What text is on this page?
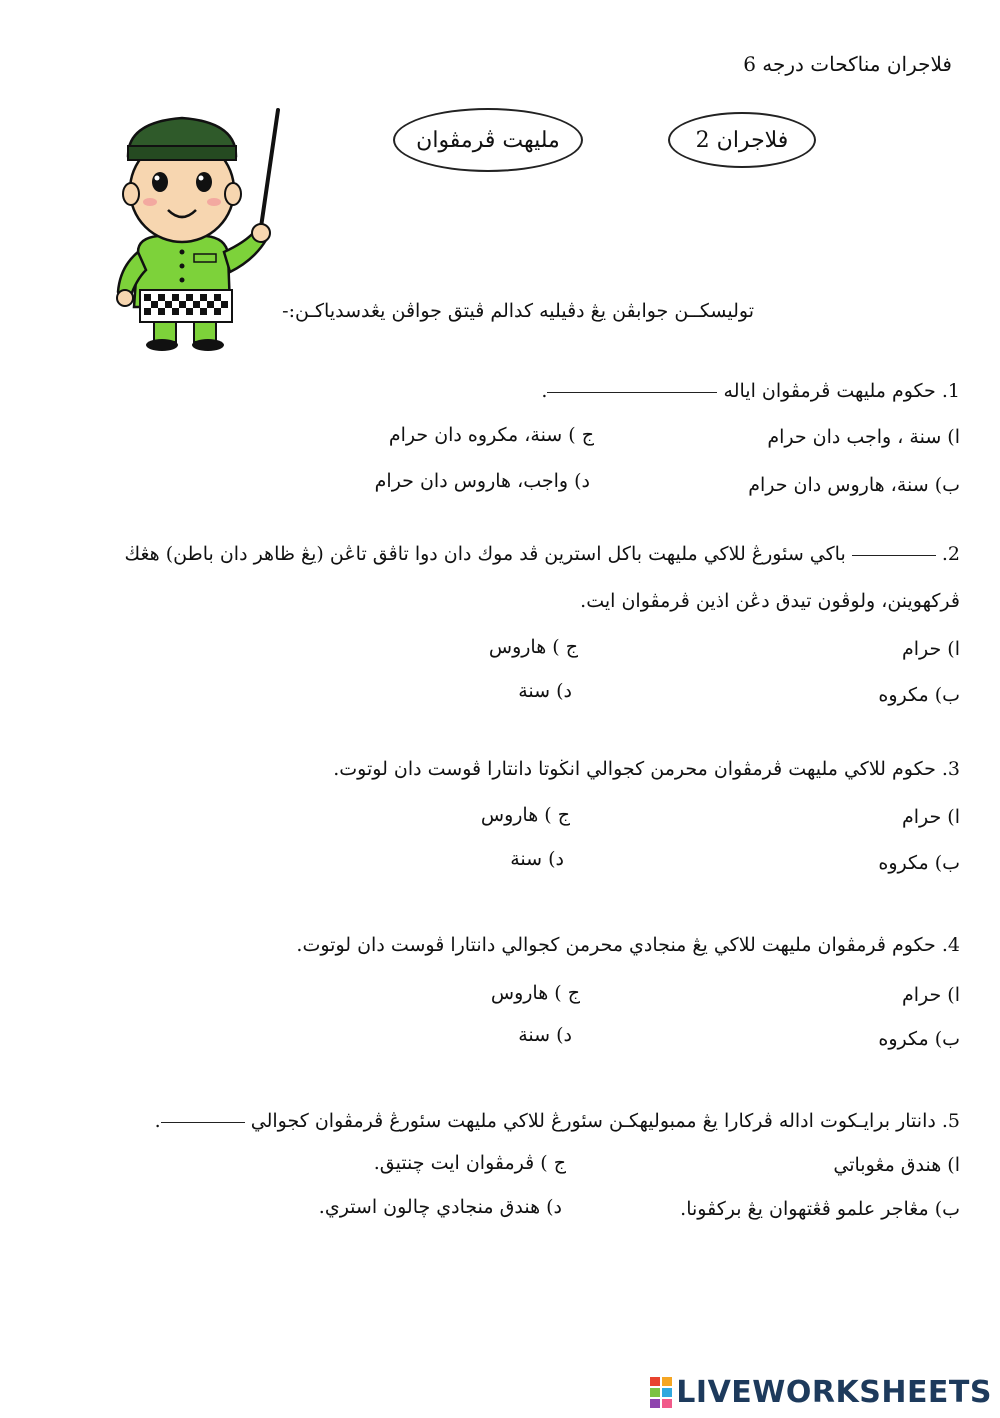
فلاجران مناكحات درجه 6
فلاجران 2
مليهت ڤرمڤوان
توليسكــن جوابڤن يڠ دڤيليه كدالم ڤيتق جواڤن يڠدسدياكـن:-
1. حكوم مليهت ڤرمڤوان اياله .
ا) سنة ، واجب دان حرام
ج ) سنة، مكروه دان حرام
ب) سنة، هاروس دان حرام
د) واجب، هاروس دان حرام
2.  باكي سئورڠ للاكي مليهت باكل استرين ڤد موك دان دوا تاڤق تاڠن (يڠ ظاهر دان باطن) هڠڬ
ڤركهوينن، ولوڤون تيدق دڠن اذين ڤرمڤوان ايت.
ا) حرام
ج ) هاروس
ب) مكروه
د) سنة
3. حكوم للاكي مليهت ڤرمڤوان محرمن كجوالي انڬوتا دانتارا ڤوست دان لوتوت.
ا) حرام
ج ) هاروس
ب) مكروه
د) سنة
4. حكوم ڤرمڤوان مليهت للاكي يڠ منجادي محرمن كجوالي دانتارا ڤوست دان لوتوت.
ا) حرام
ج ) هاروس
ب) مكروه
د) سنة
5. دانتار برايـكوت اداله ڤركارا يڠ ممبوليهكـن سئورڠ للاكي مليهت سئورڠ ڤرمڤوان كجوالي .
ا) هندق مڠوباتي
ج ) ڤرمڤوان ايت چنتيق.
ب) مڠاجر علمو ڤڠتهوان يڠ بركڤونا.
د) هندق منجادي چالون استري.
LIVEWORKSHEETS
